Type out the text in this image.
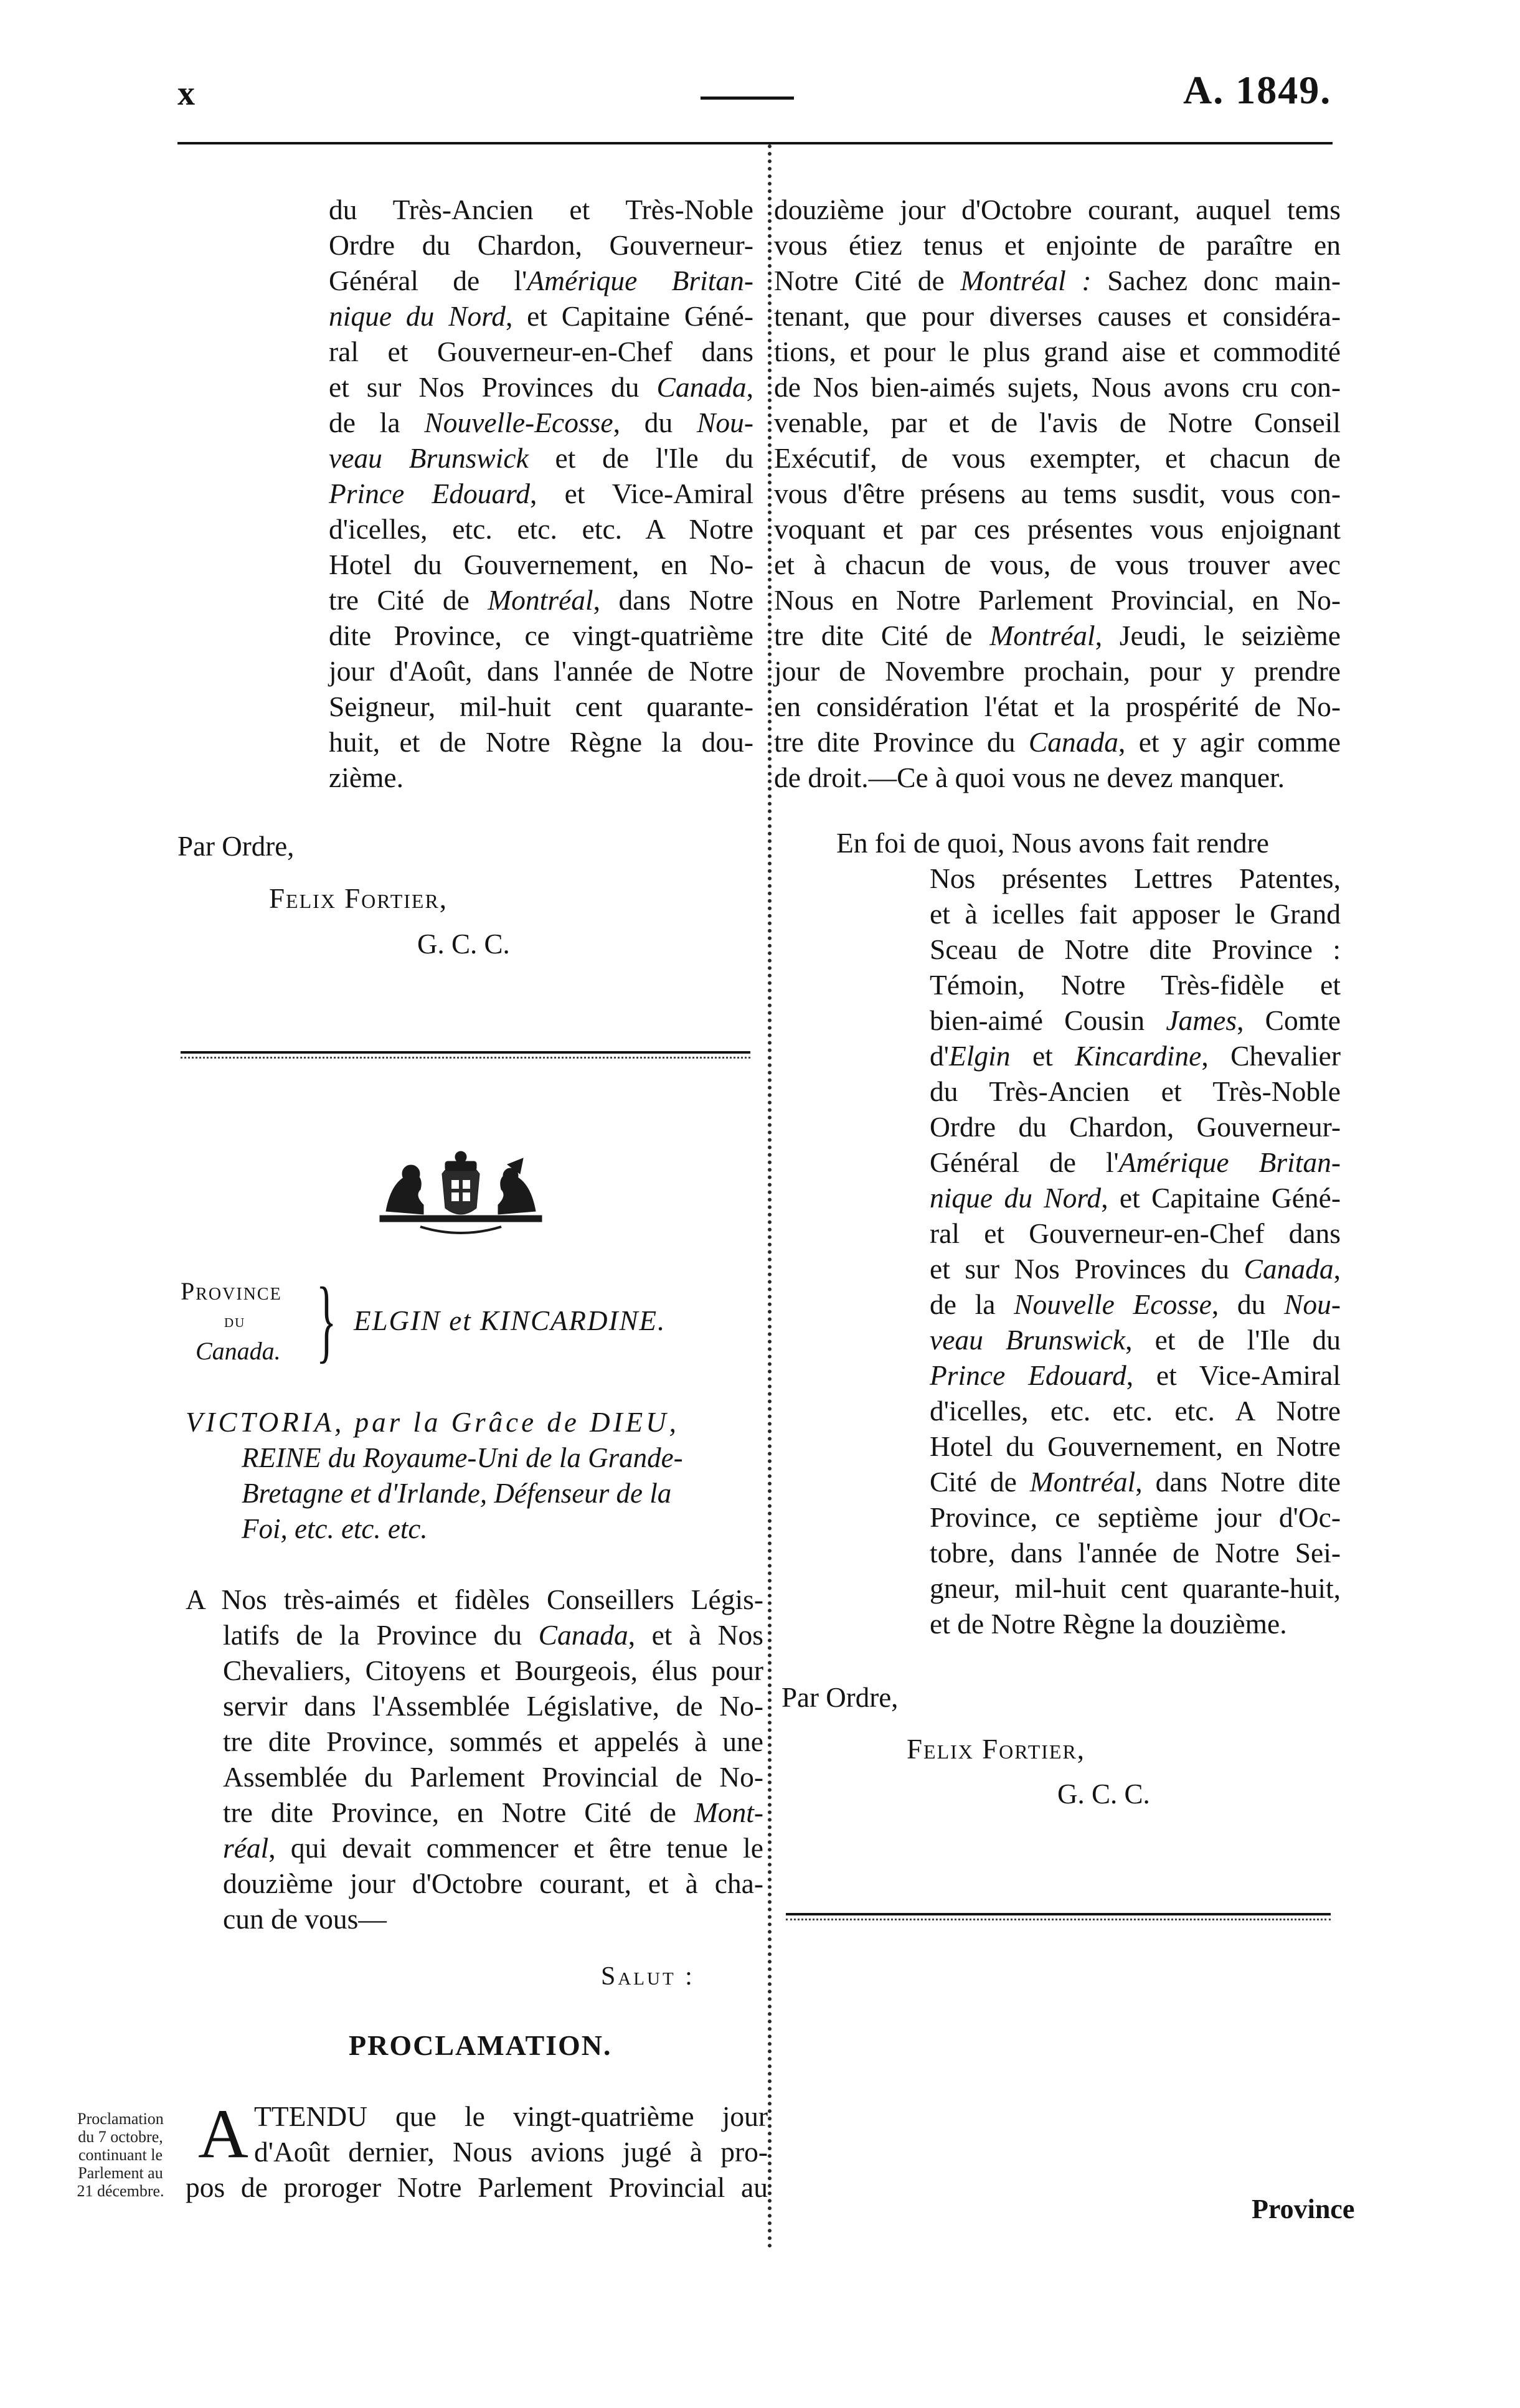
x	A. 1849.
du Très-Ancien et Très-Noble
Ordre du Chardon, Gouverneur-
Général de l'Amérique Britan-
nique du Nord, et Capitaine Géné-
ral et Gouverneur-en-Chef dans
et sur Nos Provinces du Canada,
de la Nouvelle-Ecosse, du Nou-
veau Brunswick et de l'Ile du
Prince Edouard, et Vice-Amiral
d'icelles, etc. etc. etc. A Notre
Hotel du Gouvernement, en No-
tre Cité de Montréal, dans Notre
dite Province, ce vingt-quatrième
jour d'Août, dans l'année de Notre
Seigneur, mil-huit cent quarante-
huit, et de Notre Règne la dou-
zième.
Par Ordre,
Felix Fortier,
G. C. C.
Province
du
Canada. } ELGIN et KINCARDINE.
VICTORIA, par la Grâce de DIEU,
REINE du Royaume-Uni de la Grande-
Bretagne et d'Irlande, Défenseur de la
Foi, etc. etc. etc.
A Nos très-aimés et fidèles Conseillers Légis-
latifs de la Province du Canada, et à Nos
Chevaliers, Citoyens et Bourgeois, élus pour
servir dans l'Assemblée Législative, de No-
tre dite Province, sommés et appelés à une
Assemblée du Parlement Provincial de No-
tre dite Province, en Notre Cité de Mont-
réal, qui devait commencer et être tenue le
douzième jour d'Octobre courant, et à cha-
cun de vous—
Salut :
PROCLAMATION.
Proclamation
du 7 octobre,
continuant le
Parlement au
21 décembre.
A TTENDU que le vingt-quatrième jour
d'Août dernier, Nous avions jugé à pro-
pos de proroger Notre Parlement Provincial au
douzième jour d'Octobre courant, auquel tems
vous étiez tenus et enjointe de paraître en
Notre Cité de Montréal : Sachez donc main-
tenant, que pour diverses causes et considéra-
tions, et pour le plus grand aise et commodité
de Nos bien-aimés sujets, Nous avons cru con-
venable, par et de l'avis de Notre Conseil
Exécutif, de vous exempter, et chacun de
vous d'être présens au tems susdit, vous con-
voquant et par ces présentes vous enjoignant
et à chacun de vous, de vous trouver avec
Nous en Notre Parlement Provincial, en No-
tre dite Cité de Montréal, Jeudi, le seizième
jour de Novembre prochain, pour y prendre
en considération l'état et la prospérité de No-
tre dite Province du Canada, et y agir comme
de droit.—Ce à quoi vous ne devez manquer.
En foi de quoi, Nous avons fait rendre
Nos présentes Lettres Patentes,
et à icelles fait apposer le Grand
Sceau de Notre dite Province :
Témoin, Notre Très-fidèle et
bien-aimé Cousin James, Comte
d'Elgin et Kincardine, Chevalier
du Très-Ancien et Très-Noble
Ordre du Chardon, Gouverneur-
Général de l'Amérique Britan-
nique du Nord, et Capitaine Géné-
ral et Gouverneur-en-Chef dans
et sur Nos Provinces du Canada,
de la Nouvelle Ecosse, du Nou-
veau Brunswick, et de l'Ile du
Prince Edouard, et Vice-Amiral
d'icelles, etc. etc. etc. A Notre
Hotel du Gouvernement, en Notre
Cité de Montréal, dans Notre dite
Province, ce septième jour d'Oc-
tobre, dans l'année de Notre Sei-
gneur, mil-huit cent quarante-huit,
et de Notre Règne la douzième.
Par Ordre,
Felix Fortier,
G. C. C.
Province
